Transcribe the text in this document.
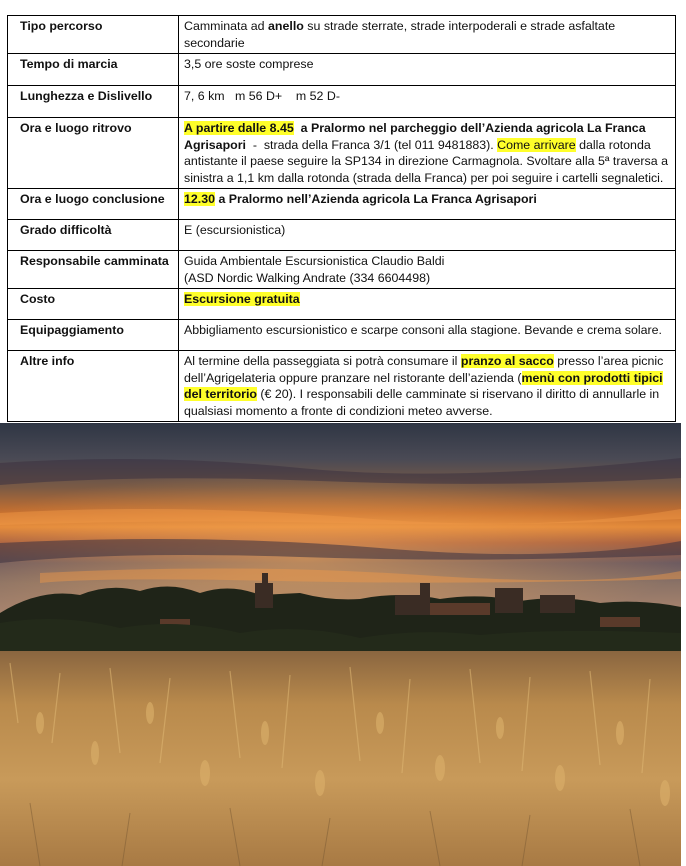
Tipo percorso	Camminata ad anello su strade sterrate, strade interpoderali e strade asfaltate secondarie
Tempo di marcia	3,5 ore soste comprese
Lunghezza e Dislivello	7, 6 km   m 56 D+    m 52 D-
Ora e luogo ritrovo	A partire dalle 8.45  a Pralormo nel parcheggio dell’Azienda agricola La Franca Agrisapori  -  strada della Franca 3/1 (tel 011 9481883). Come arrivare dalla rotonda antistante il paese seguire la SP134 in direzione Carmagnola. Svoltare alla 5ª traversa a sinistra a 1,1 km dalla rotonda (strada della Franca) per poi seguire i cartelli segnaletici.
Ora e luogo conclusione	12.30 a Pralormo nell’Azienda agricola La Franca Agrisapori
Grado difficoltà	E (escursionistica)
Responsabile camminata	Guida Ambientale Escursionistica Claudio Baldi
(ASD Nordic Walking Andrate (334 6604498)
Costo	Escursione gratuita
Equipaggiamento	Abbigliamento escursionistico e scarpe consoni alla stagione. Bevande e crema solare.
Altre info	Al termine della passeggiata si potrà consumare il pranzo al sacco presso l’area picnic dell’Agrigelateria oppure pranzare nel ristorante dell’azienda (menù con prodotti tipici del territorio (€ 20). I responsabili delle camminate si riservano il diritto di annullarle in qualsiasi momento a fronte di condizioni meteo avverse.
